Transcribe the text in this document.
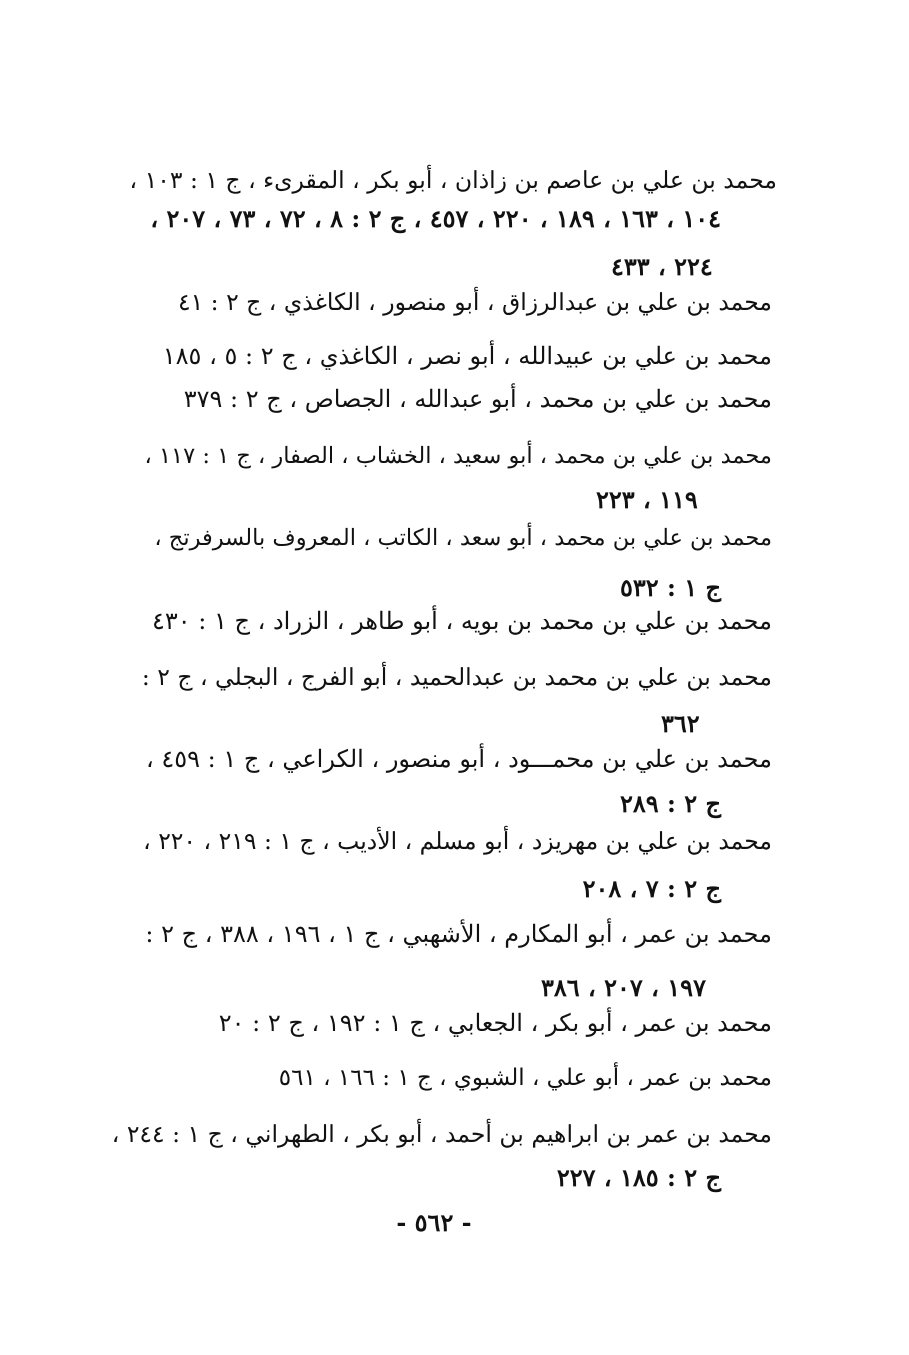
محمد بن علي بن عاصم بن زاذان ، أبو بكر ، المقرىء ، ج ١ : ١٠٣ ،
١٠٤ ، ١٦٣ ، ١٨٩ ، ٢٢٠ ، ٤٥٧ ، ج ٢ : ٨ ، ٧٢ ، ٧٣ ، ٢٠٧ ،
٢٢٤ ، ٤٣٣
محمد بن علي بن عبدالرزاق ، أبو منصور ، الكاغذي ، ج ٢ : ٤١
محمد بن علي بن عبيدالله ، أبو نصر ، الكاغذي ، ج ٢ : ٥ ، ١٨٥
محمد بن علي بن محمد ، أبو عبدالله ، الجصاص ، ج ٢ : ٣٧٩
محمد بن علي بن محمد ، أبو سعيد ، الخشاب ، الصفار ، ج ١ : ١١٧ ،
١١٩ ، ٢٢٣
محمد بن علي بن محمد ، أبو سعد ، الكاتب ، المعروف بالسرفرتج ،
ج ١ : ٥٣٢
محمد بن علي بن محمد بن بويه ، أبو طاهر ، الزراد ، ج ١ : ٤٣٠
محمد بن علي بن محمد بن عبدالحميد ، أبو الفرج ، البجلي ، ج ٢ :
٣٦٢
محمد بن علي بن محمـــود ، أبو منصور ، الكراعي ، ج ١ : ٤٥٩ ،
ج ٢ : ٢٨٩
محمد بن علي بن مهريزد ، أبو مسلم ، الأديب ، ج ١ : ٢١٩ ، ٢٢٠ ،
ج ٢ : ٧ ، ٢٠٨
محمد بن عمر ، أبو المكارم ، الأشهبي ، ج ١ ، ١٩٦ ، ٣٨٨ ، ج ٢ :
١٩٧ ، ٢٠٧ ، ٣٨٦
محمد بن عمر ، أبو بكر ، الجعابي ، ج ١ : ١٩٢ ، ج ٢ : ٢٠
محمد بن عمر ، أبو علي ، الشبوي ، ج ١ : ١٦٦ ، ٥٦١
محمد بن عمر بن ابراهيم بن أحمد ، أبو بكر ، الطهراني ، ج ١ : ٢٤٤ ،
ج ٢ : ١٨٥ ، ٢٢٧
- ٥٦٢ -
